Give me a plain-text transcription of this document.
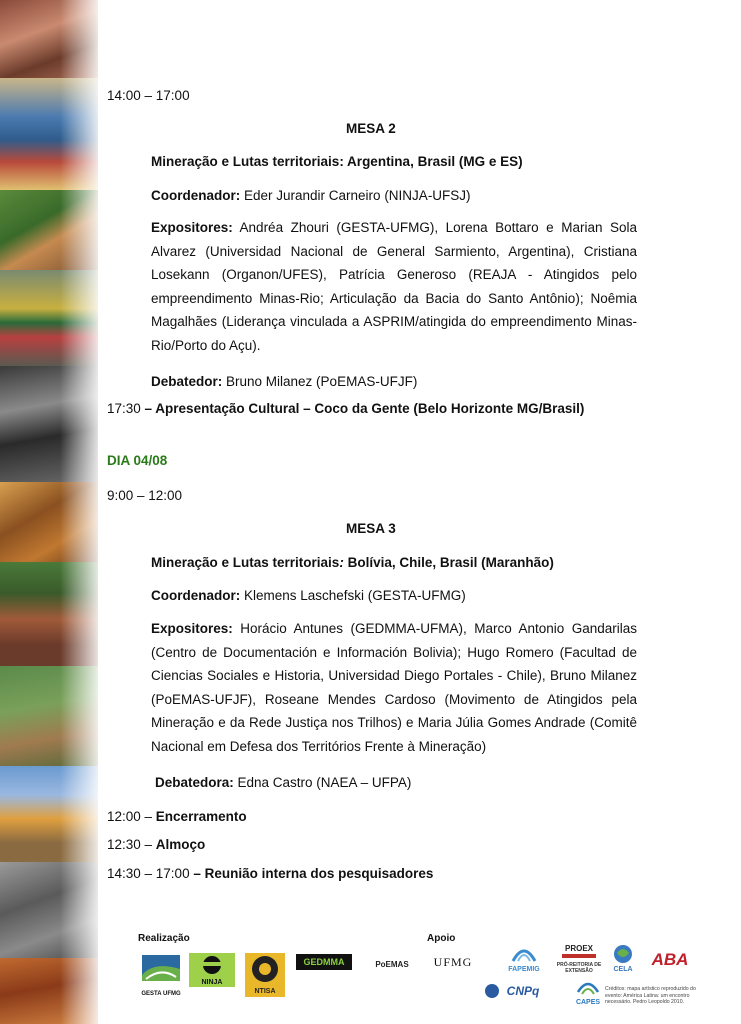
14:00 – 17:00
MESA 2
Mineração e Lutas territoriais: Argentina, Brasil (MG e ES)
Coordenador: Eder Jurandir Carneiro (NINJA-UFSJ)
Expositores: Andréa Zhouri (GESTA-UFMG), Lorena Bottaro e Marian Sola Alvarez (Universidad Nacional de General Sarmiento, Argentina), Cristiana Losekann (Organon/UFES), Patrícia Generoso (REAJA - Atingidos pelo empreendimento Minas-Rio; Articulação da Bacia do Santo Antônio); Noêmia Magalhães (Liderança vinculada a ASPRIM/atingida do empreendimento Minas-Rio/Porto do Açu).
Debatedor: Bruno Milanez (PoEMAS-UFJF)
17:30 – Apresentação Cultural – Coco da Gente (Belo Horizonte MG/Brasil)
DIA 04/08
9:00 – 12:00
MESA 3
Mineração e Lutas territoriais: Bolívia, Chile, Brasil (Maranhão)
Coordenador: Klemens Laschefski (GESTA-UFMG)
Expositores: Horácio Antunes (GEDMMA-UFMA), Marco Antonio Gandarilas (Centro de Documentación e Información Bolivia); Hugo Romero (Facultad de Ciencias Sociales e Historia, Universidad Diego Portales - Chile), Bruno Milanez (PoEMAS-UFJF), Roseane Mendes Cardoso (Movimento de Atingidos pela Mineração e da Rede Justiça nos Trilhos) e Maria Júlia Gomes Andrade (Comitê Nacional em Defesa dos Territórios Frente à Mineração)
Debatedora: Edna Castro (NAEA – UFPA)
12:00 – Encerramento
12:30 – Almoço
14:30 – 17:00 – Reunião interna dos pesquisadores
Realização	Apoio
GESTA UFMG
NINJA
NTISA
GEDMMA	PoEMAS	UFMG
FAPEMIG
PROEX
PRÓ-REITORIA DE EXTENSÃO	CELA
ABA
CNPq
CAPES
Créditos: mapa artístico reproduzido do evento: América Latina: um encontro necessário. Pedro Leopoldo 2010.
